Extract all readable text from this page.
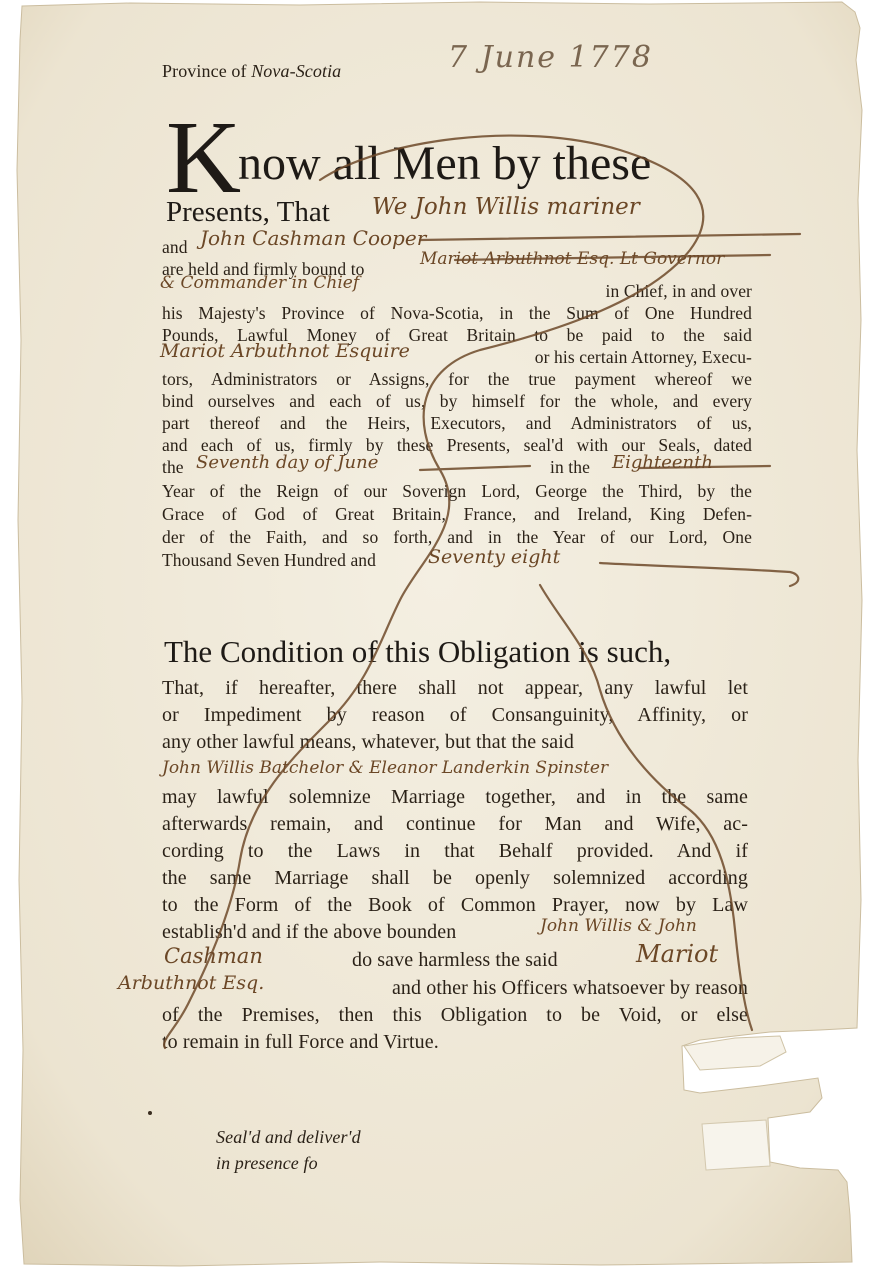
Province of Nova-Scotia	7 June 1778
K
now all Men by these
Presents, That We John Willis mariner
and John Cashman Cooper
are held and firmly bound to	Mariot Arbuthnot Esq. Lt Governor
& Commander in Chief	in Chief, in and over
his Majesty's Province of Nova-Scotia, in the Sum of One Hundred
Pounds, Lawful Money of Great Britain to be paid to the said
Mariot Arbuthnot Esquire	or his certain Attorney, Execu-
tors, Administrators or Assigns, for the true payment whereof we
bind ourselves and each of us, by himself for the whole, and every
part thereof and the Heirs, Executors, and Administrators of us,
and each of us, firmly by these Presents, seal'd with our Seals, dated
the Seventh day of June	in the	Eighteenth
Year of the Reign of our Soverign Lord, George the Third, by the
Grace of God of Great Britain, France, and Ireland, King Defen-
der of the Faith, and so forth, and in the Year of our Lord, One
Thousand Seven Hundred and	Seventy eight
The Condition of this Obligation is such,
That, if hereafter, there shall not appear, any lawful let
or Impediment by reason of Consanguinity, Affinity, or
any other lawful means, whatever, but that the said
John Willis Batchelor & Eleanor Landerkin Spinster
may lawful solemnize Marriage together, and in the same
afterwards remain, and continue for Man and Wife, ac-
cording to the Laws in that Behalf provided. And if
the same Marriage shall be openly solemnized according
to the Form of the Book of Common Prayer, now by Law
establish'd and if the above bounden	John Willis & John
Cashman	do save harmless the said	Mariot
Arbuthnot Esq.	and other his Officers whatsoever by reason
of the Premises, then this Obligation to be Void, or else
to remain in full Force and Virtue.
Seal'd and deliver'd
in presence fo
